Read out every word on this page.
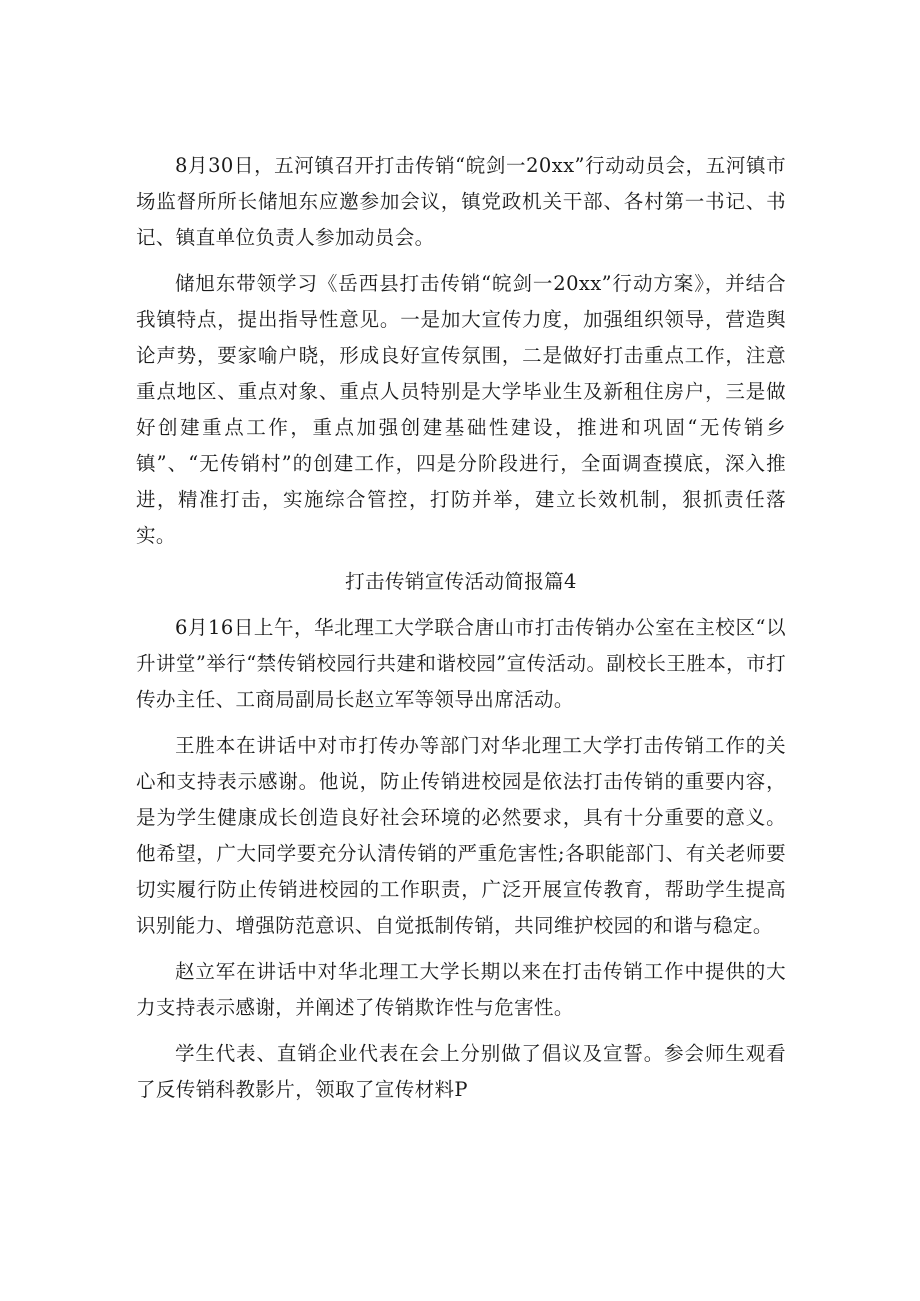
8月30日，五河镇召开打击传销“皖剑一20xx”行动动员会，五河镇市场监督所所长储旭东应邀参加会议，镇党政机关干部、各村第一书记、书记、镇直单位负责人参加动员会。

储旭东带领学习《岳西县打击传销“皖剑一20xx”行动方案》，并结合我镇特点，提出指导性意见。一是加大宣传力度，加强组织领导，营造舆论声势，要家喻户晓，形成良好宣传氛围，二是做好打击重点工作，注意重点地区、重点对象、重点人员特别是大学毕业生及新租住房户，三是做好创建重点工作，重点加强创建基础性建设，推进和巩固“无传销乡镇”、“无传销村”的创建工作，四是分阶段进行，全面调查摸底，深入推进，精准打击，实施综合管控，打防并举，建立长效机制，狠抓责任落实。

打击传销宣传活动简报篇4

6月16日上午，华北理工大学联合唐山市打击传销办公室在主校区“以升讲堂”举行“禁传销校园行共建和谐校园”宣传活动。副校长王胜本，市打传办主任、工商局副局长赵立军等领导出席活动。

王胜本在讲话中对市打传办等部门对华北理工大学打击传销工作的关心和支持表示感谢。他说，防止传销进校园是依法打击传销的重要内容，是为学生健康成长创造良好社会环境的必然要求，具有十分重要的意义。他希望，广大同学要充分认清传销的严重危害性;各职能部门、有关老师要切实履行防止传销进校园的工作职责，广泛开展宣传教育，帮助学生提高识别能力、增强防范意识、自觉抵制传销，共同维护校园的和谐与稳定。

赵立军在讲话中对华北理工大学长期以来在打击传销工作中提供的大力支持表示感谢，并阐述了传销欺诈性与危害性。

学生代表、直销企业代表在会上分别做了倡议及宣誓。参会师生观看了反传销科教影片，领取了宣传材料P
